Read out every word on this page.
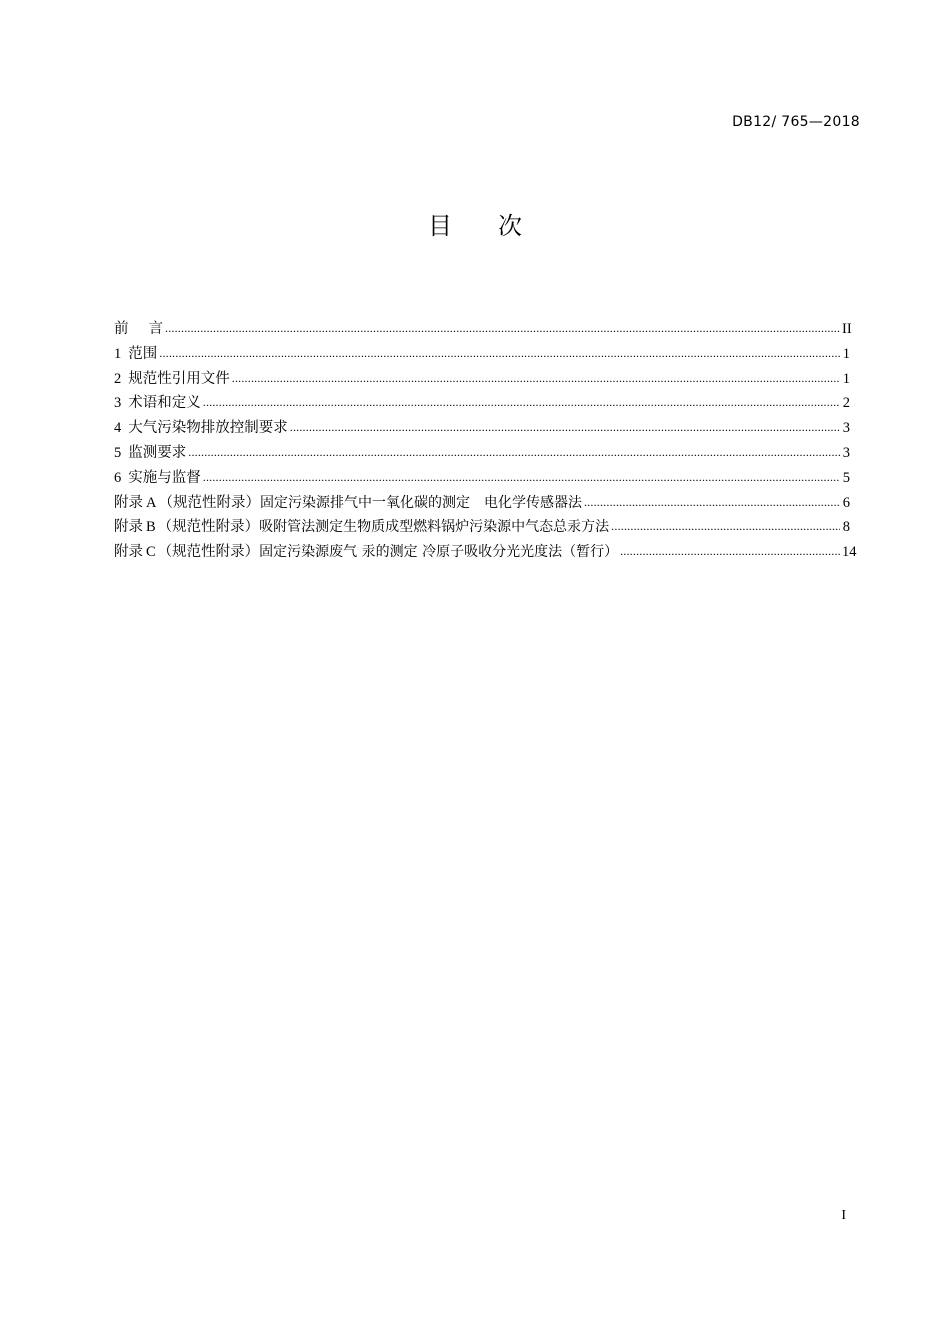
DB12/ 765—2018
目次
前言 .....	II
1 范围 .....	1
2 规范性引用文件 .....	1
3 术语和定义 .....	2
4 大气污染物排放控制要求 .....	3
5 监测要求 .....	3
6 实施与监督 .....	5
附录 A （规范性附录） 固定污染源排气中一氧化碳的测定　电化学传感器法 .....	6
附录 B （规范性附录） 吸附管法测定生物质成型燃料锅炉污染源中气态总汞方法 .....	8
附录 C （规范性附录） 固定污染源废气 汞的测定 冷原子吸收分光光度法（暂行） .....	14
I
